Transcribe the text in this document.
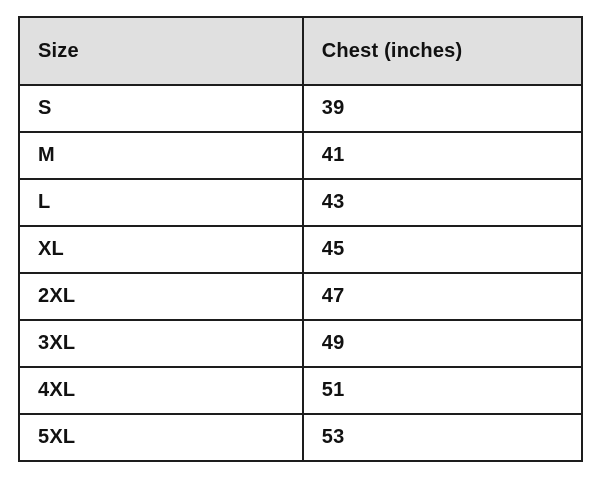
Size	Chest (inches)
S	39
M	41
L	43
XL	45
2XL	47
3XL	49
4XL	51
5XL	53
